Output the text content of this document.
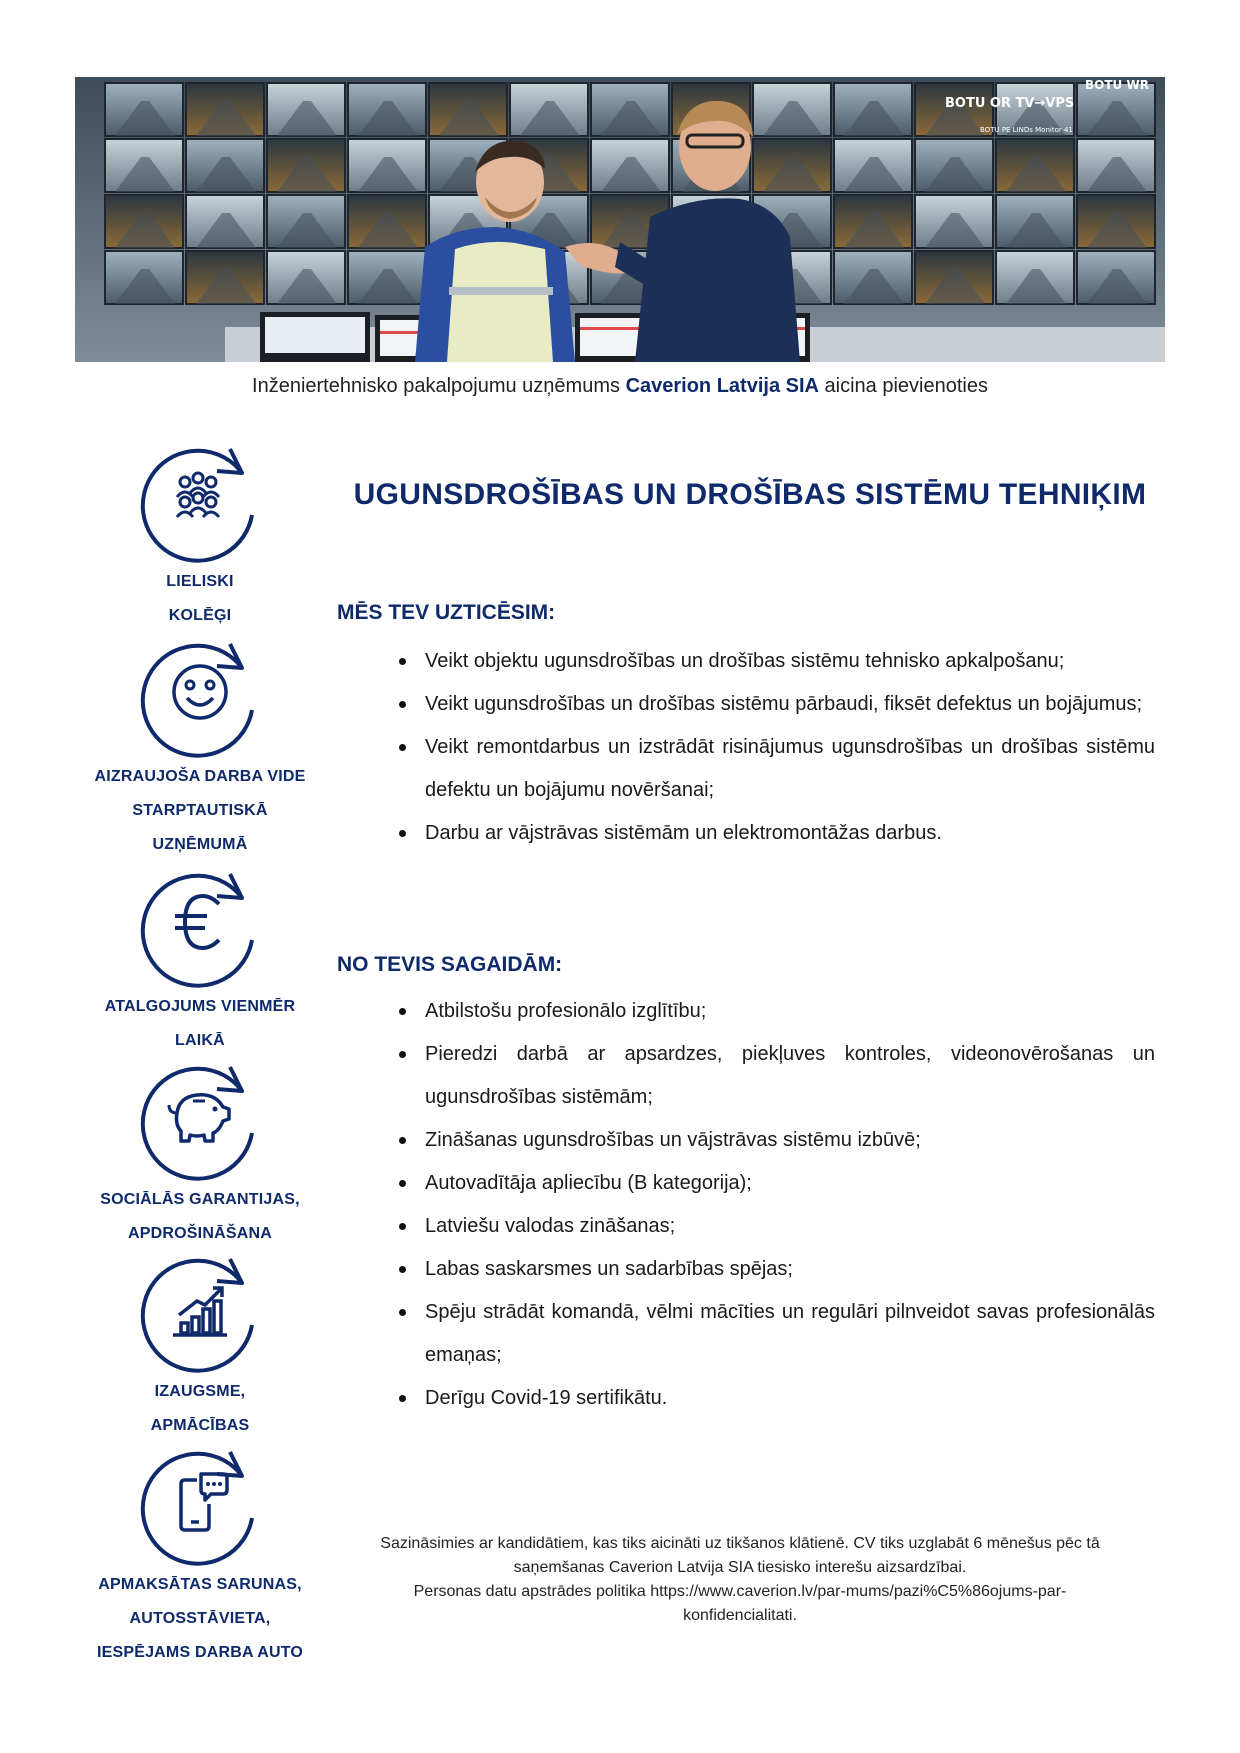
BOTU OR TV→VPS
BOTU WR
BOTU PE LINDs Monitor 41
Inženiertehnisko pakalpojumu uzņēmums Caverion Latvija SIA aicina pievienoties
LIELISKI
KOLĒĢI
AIZRAUJOŠA DARBA VIDE
STARPTAUTISKĀ
UZŅĒMUMĀ
ATALGOJUMS VIENMĒR
LAIKĀ
SOCIĀLĀS GARANTIJAS,
APDROŠINĀŠANA
IZAUGSME,
APMĀCĪBAS
APMAKSĀTAS SARUNAS,
AUTOSSTĀVIETA,
IESPĒJAMS DARBA AUTO
UGUNSDROŠĪBAS UN DROŠĪBAS SISTĒMU TEHNIĶIM
MĒS TEV UZTICĒSIM:
Veikt objektu ugunsdrošības un drošības sistēmu tehnisko apkalpošanu;
Veikt ugunsdrošības un drošības sistēmu pārbaudi, fiksēt defektus un bojājumus;
Veikt remontdarbus un izstrādāt risinājumus ugunsdrošības un drošības sistēmu defektu un bojājumu novēršanai;
Darbu ar vājstrāvas sistēmām un elektromontāžas darbus.
NO TEVIS SAGAIDĀM:
Atbilstošu profesionālo izglītību;
Pieredzi darbā ar apsardzes, piekļuves kontroles, videonovērošanas un ugunsdrošības sistēmām;
Zināšanas ugunsdrošības un vājstrāvas sistēmu izbūvē;
Autovadītāja apliecību (B kategorija);
Latviešu valodas zināšanas;
Labas saskarsmes un sadarbības spējas;
Spēju strādāt komandā, vēlmi mācīties un regulāri pilnveidot savas profesionālās emaņas;
Derīgu Covid-19 sertifikātu.
Sazināsimies ar kandidātiem, kas tiks aicināti uz tikšanos klātienē. CV tiks uzglabāt 6 mēnešus pēc tā
saņemšanas Caverion Latvija SIA tiesisko interešu aizsardzībai.
Personas datu apstrādes politika https://www.caverion.lv/par-mums/pazi%C5%86ojums-par-
konfidencialitati.
